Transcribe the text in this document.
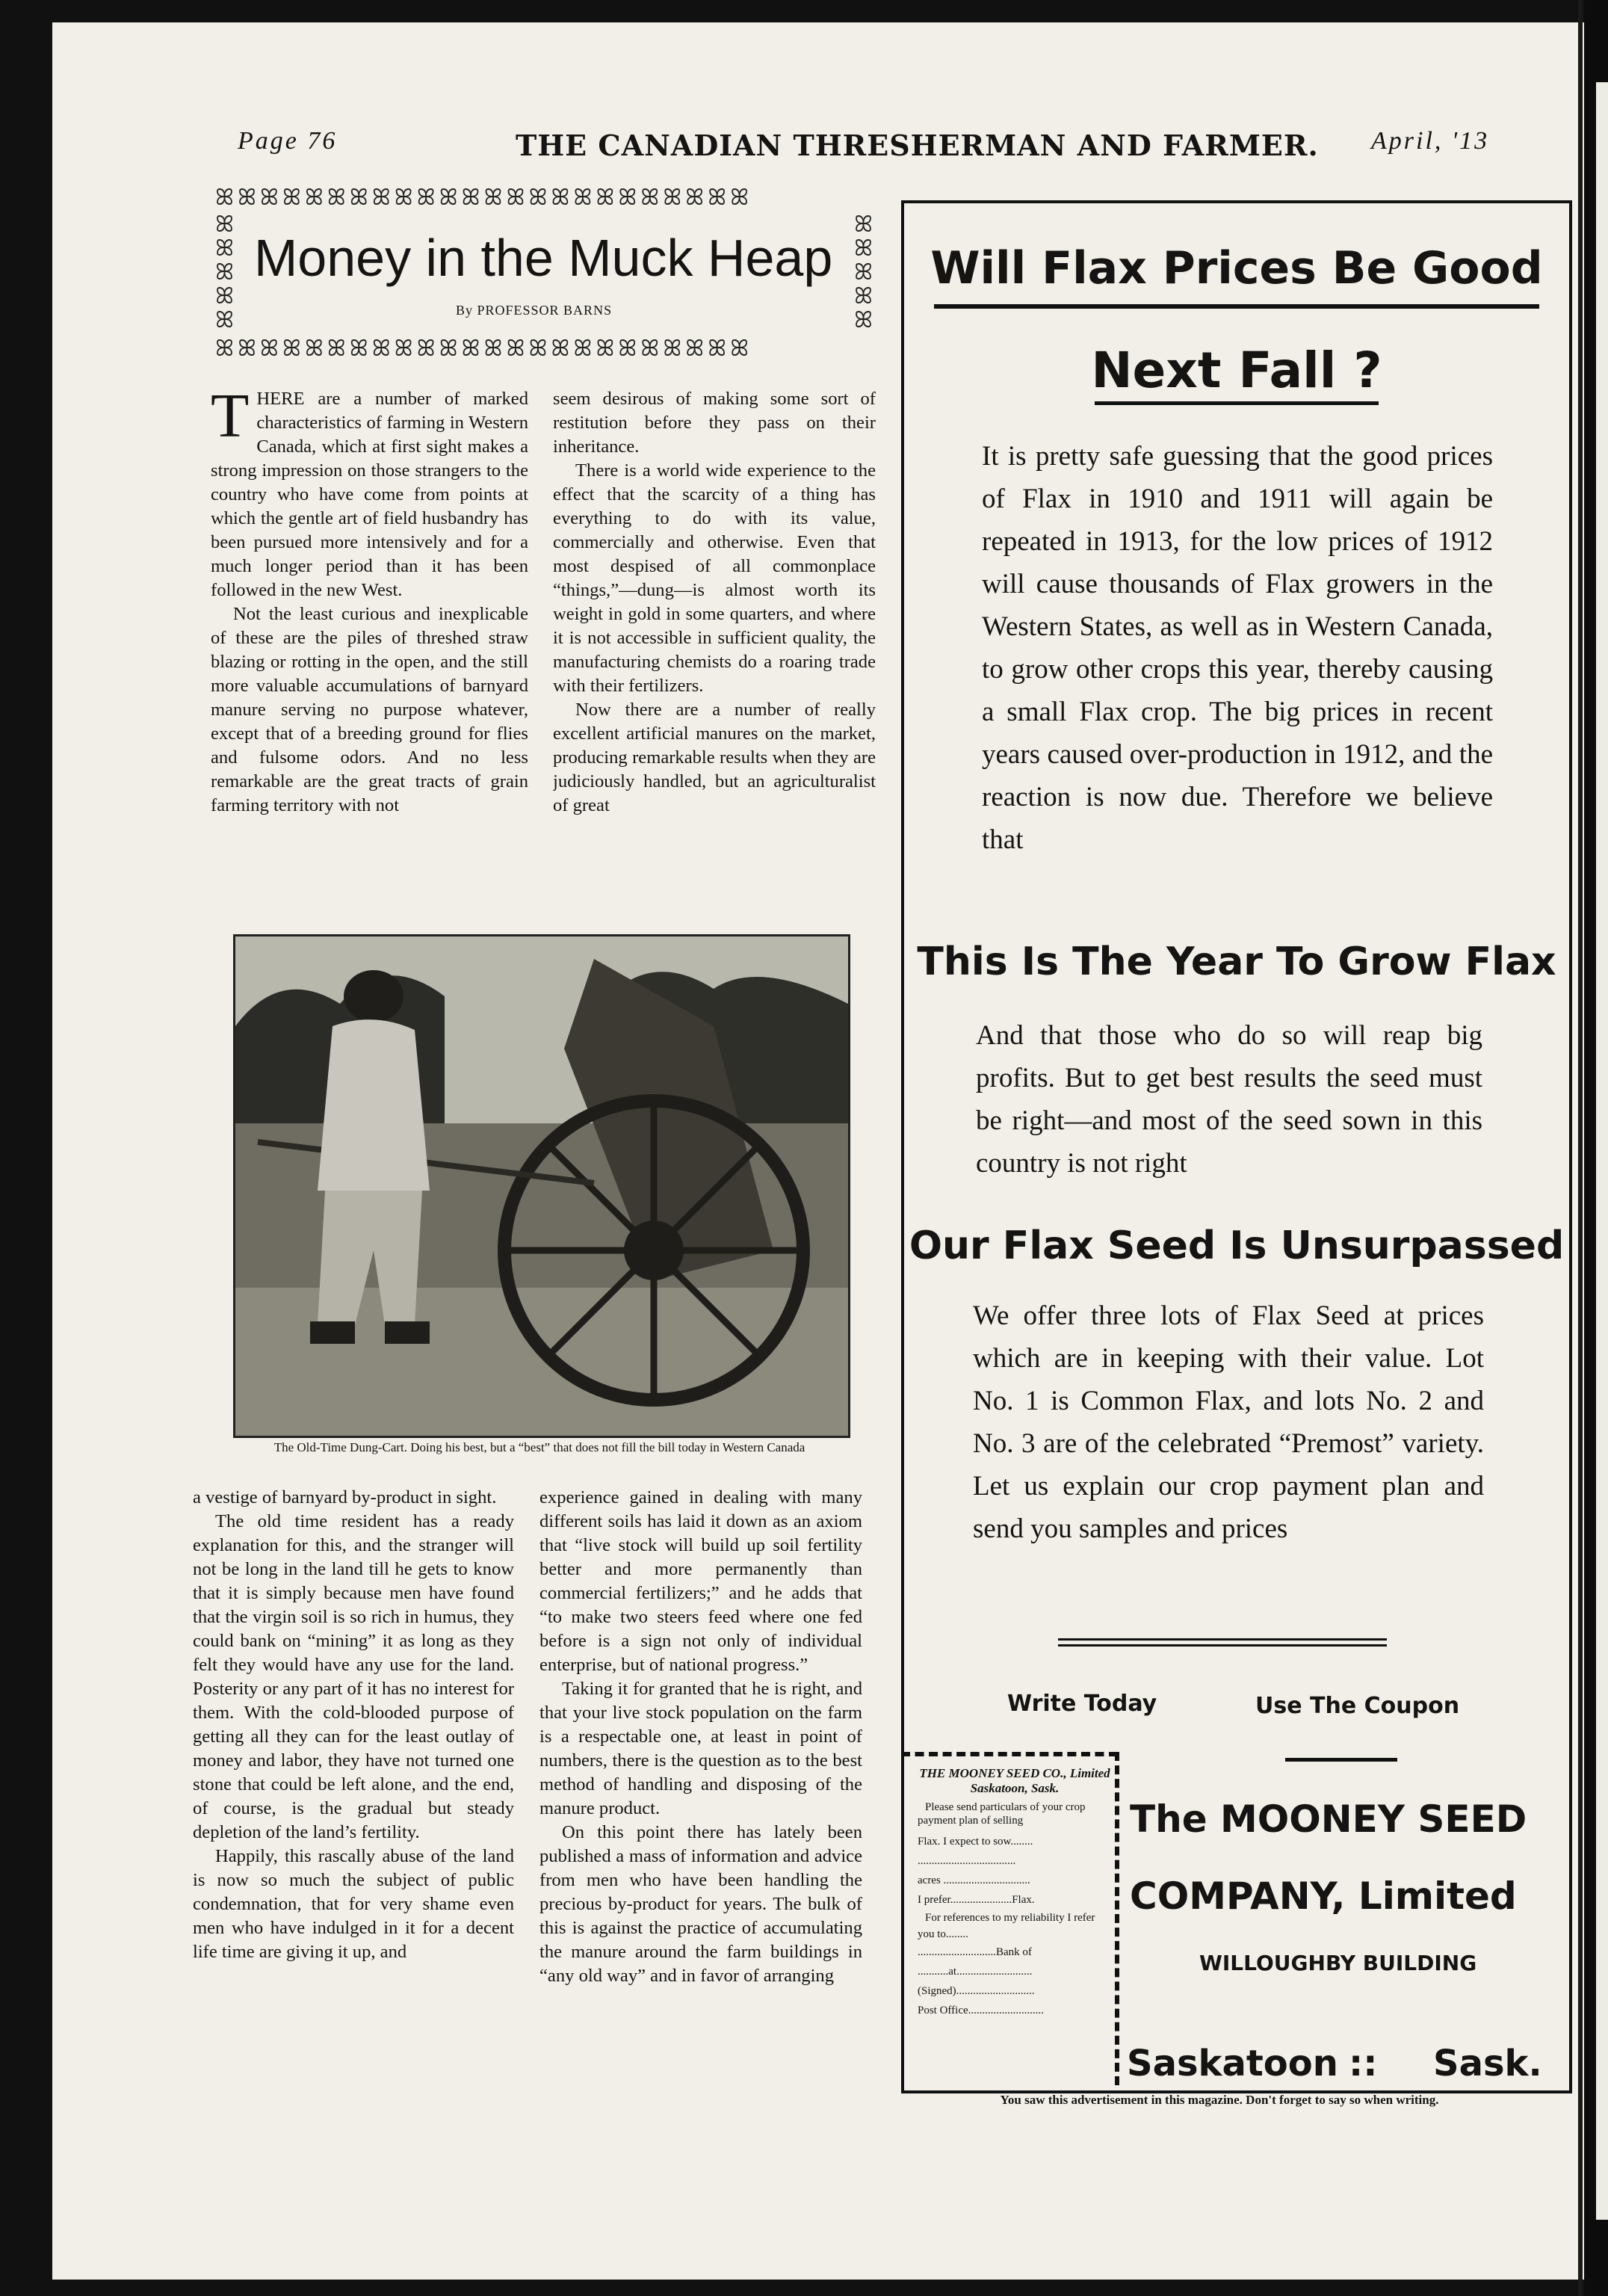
Page 76	THE CANADIAN THRESHERMAN AND FARMER. April, '13
ꕤꕤꕤꕤꕤꕤꕤꕤꕤꕤꕤꕤꕤꕤꕤꕤꕤꕤꕤꕤꕤꕤꕤꕤ
ꕤꕤꕤꕤꕤꕤꕤꕤꕤꕤꕤꕤꕤꕤꕤꕤꕤꕤꕤꕤꕤꕤꕤꕤ
ꕤ
ꕤ
ꕤ
ꕤ
ꕤ
ꕤ
ꕤ
ꕤ
ꕤ
ꕤ
Money in the Muck Heap
By PROFESSOR BARNS

THERE are a number of marked characteristics of farming in Western Canada, which at first sight makes a strong impression on those strangers to the country who have come from points at which the gentle art of field husbandry has been pursued more intensively and for a much longer period than it has been followed in the new West.

Not the least curious and inexplicable of these are the piles of threshed straw blazing or rotting in the open, and the still more valuable accumulations of barnyard manure serving no purpose whatever, except that of a breeding ground for flies and fulsome odors. And no less remarkable are the great tracts of grain farming territory with not

seem desirous of making some sort of restitution before they pass on their inheritance.

There is a world wide experience to the effect that the scarcity of a thing has everything to do with its value, commercially and otherwise. Even that most despised of all commonplace “things,”—dung—is almost worth its weight in gold in some quarters, and where it is not accessible in sufficient quality, the manufacturing chemists do a roaring trade with their fertilizers.

Now there are a number of really excellent artificial manures on the market, producing remarkable results when they are judiciously handled, but an agriculturalist of great

The Old-Time Dung-Cart. Doing his best, but a “best” that does not fill the bill today in Western Canada

a vestige of barnyard by-product in sight.

The old time resident has a ready explanation for this, and the stranger will not be long in the land till he gets to know that it is simply because men have found that the virgin soil is so rich in humus, they could bank on “mining” it as long as they felt they would have any use for the land. Posterity or any part of it has no interest for them. With the cold-blooded purpose of getting all they can for the least outlay of money and labor, they have not turned one stone that could be left alone, and the end, of course, is the gradual but steady depletion of the land’s fertility.

Happily, this rascally abuse of the land is now so much the subject of public condemnation, that for very shame even men who have indulged in it for a decent life time are giving it up, and

experience gained in dealing with many different soils has laid it down as an axiom that “live stock will build up soil fertility better and more permanently than commercial fertilizers;” and he adds that “to make two steers feed where one fed before is a sign not only of individual enterprise, but of national progress.”

Taking it for granted that he is right, and that your live stock population on the farm is a respectable one, at least in point of numbers, there is the question as to the best method of handling and disposing of the manure product.

On this point there has lately been published a mass of information and advice from men who have been handling the precious by-product for years. The bulk of this is against the practice of accumulating the manure around the farm buildings in “any old way” and in favor of arranging

Will Flax Prices Be Good
Next Fall ?
It is pretty safe guessing that the good prices of Flax in 1910 and 1911 will again be repeated in 1913, for the low prices of 1912 will cause thousands of Flax growers in the Western States, as well as in Western Canada, to grow other crops this year, thereby causing a small Flax crop. The big prices in recent years caused over-production in 1912, and the reaction is now due. Therefore we believe that
This Is The Year To Grow Flax
And that those who do so will reap big profits. But to get best results the seed must be right—and most of the seed sown in this country is not right
Our Flax Seed Is Unsurpassed
We offer three lots of Flax Seed at prices which are in keeping with their value. Lot No. 1 is Common Flax, and lots No. 2 and No. 3 are of the celebrated “Premost” variety. Let us explain our crop payment plan and send you samples and prices
Write Today	Use The Coupon
THE MOONEY SEED CO., Limited
Saskatoon, Sask.
Please send particulars of your crop payment plan of selling
Flax. I expect to sow........
...................................
acres ...............................
I prefer......................Flax.
For references to my reliability I refer you to........
............................Bank of
...........at...........................
(Signed)............................
Post Office...........................
The MOONEY SEED
COMPANY, Limited
WILLOUGHBY BUILDING
Saskatoon :: Sask.
You saw this advertisement in this magazine. Don't forget to say so when writing.
